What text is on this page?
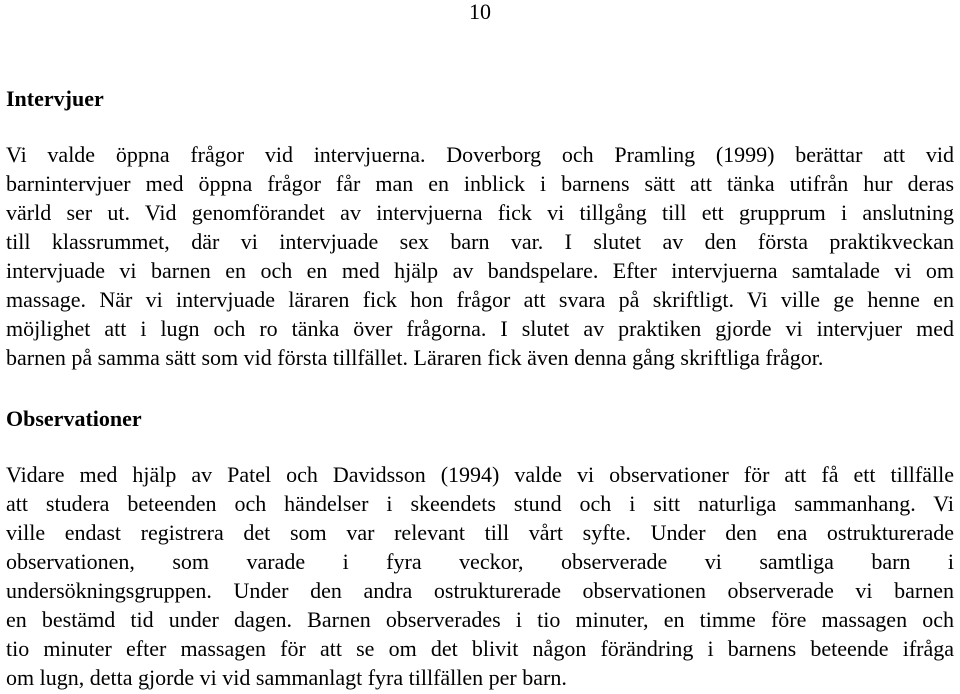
10
Intervjuer
Vi valde öppna frågor vid intervjuerna. Doverborg och Pramling (1999) berättar att vid
barnintervjuer med öppna frågor får man en inblick i barnens sätt att tänka utifrån hur deras
värld ser ut. Vid genomförandet av intervjuerna fick vi tillgång till ett grupprum i anslutning
till klassrummet, där vi intervjuade sex barn var. I slutet av den första praktikveckan
intervjuade vi barnen en och en med hjälp av bandspelare. Efter intervjuerna samtalade vi om
massage. När vi intervjuade läraren fick hon frågor att svara på skriftligt. Vi ville ge henne en
möjlighet att i lugn och ro tänka över frågorna. I slutet av praktiken gjorde vi intervjuer med
barnen på samma sätt som vid första tillfället. Läraren fick även denna gång skriftliga frågor.
Observationer
Vidare med hjälp av Patel och Davidsson (1994) valde vi observationer för att få ett tillfälle
att studera beteenden och händelser i skeendets stund och i sitt naturliga sammanhang. Vi
ville endast registrera det som var relevant till vårt syfte. Under den ena ostrukturerade
observationen, som varade i fyra veckor, observerade vi samtliga barn i
undersökningsgruppen. Under den andra ostrukturerade observationen observerade vi barnen
en bestämd tid under dagen. Barnen observerades i tio minuter, en timme före massagen och
tio minuter efter massagen för att se om det blivit någon förändring i barnens beteende ifråga
om lugn, detta gjorde vi vid sammanlagt fyra tillfällen per barn.
